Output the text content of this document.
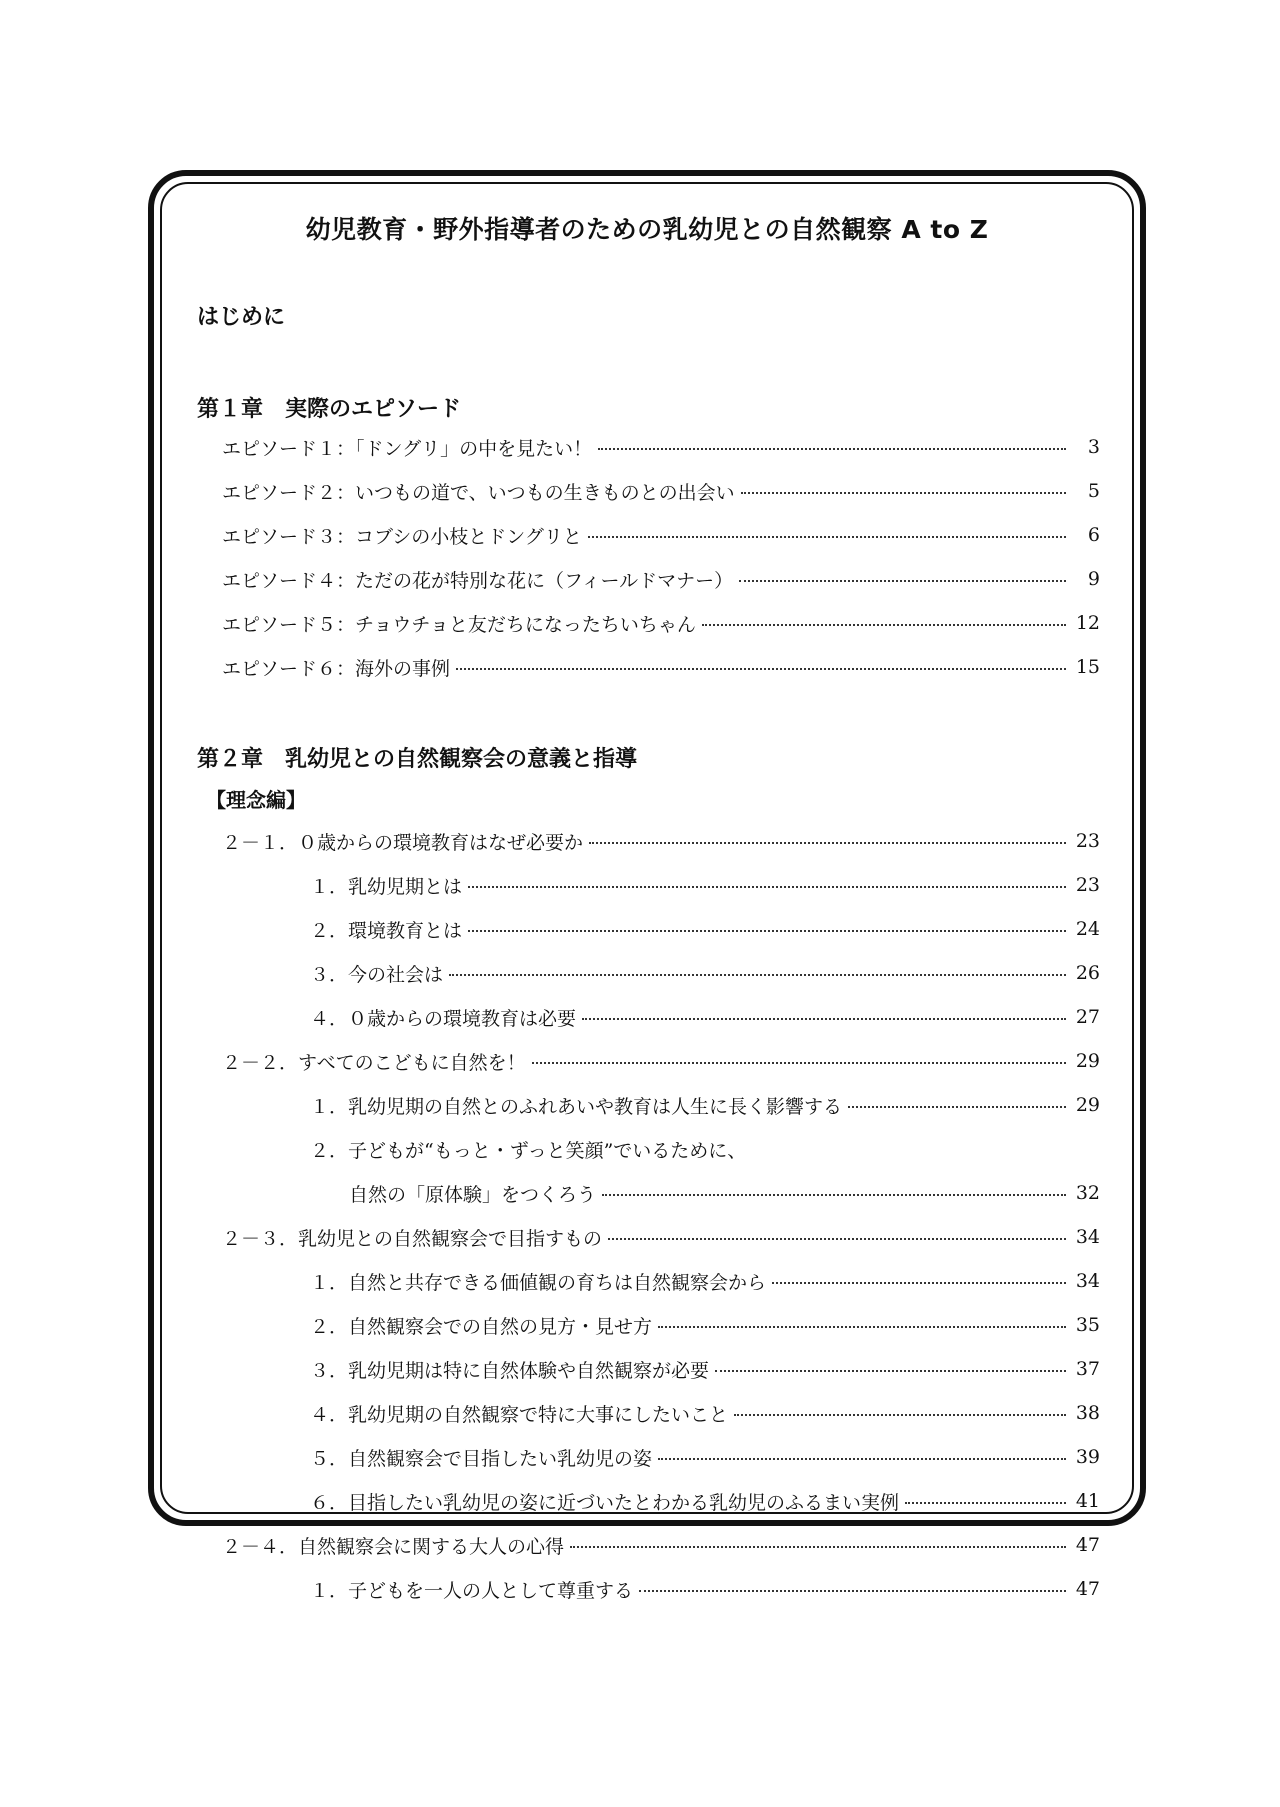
幼児教育・野外指導者のための乳幼児との自然観察 A to Z
はじめに
第１章　実際のエピソード
エピソード１：「ドングリ」の中を見たい！	3
エピソード２：いつもの道で、いつもの生きものとの出会い	5
エピソード３：コブシの小枝とドングリと	6
エピソード４：ただの花が特別な花に（フィールドマナー）	9
エピソード５：チョウチョと友だちになったちいちゃん	12
エピソード６：海外の事例	15
第２章　乳幼児との自然観察会の意義と指導
【理念編】
２－１．０歳からの環境教育はなぜ必要か	23
１．乳幼児期とは	23
２．環境教育とは	24
３．今の社会は	26
４．０歳からの環境教育は必要	27
２－２．すべてのこどもに自然を！	29
１．乳幼児期の自然とのふれあいや教育は人生に長く影響する	29
２．子どもが“もっと・ずっと笑顔”でいるために、
自然の「原体験」をつくろう	32
２－３．乳幼児との自然観察会で目指すもの	34
１．自然と共存できる価値観の育ちは自然観察会から	34
２．自然観察会での自然の見方・見せ方	35
３．乳幼児期は特に自然体験や自然観察が必要	37
４．乳幼児期の自然観察で特に大事にしたいこと	38
５．自然観察会で目指したい乳幼児の姿	39
６．目指したい乳幼児の姿に近づいたとわかる乳幼児のふるまい実例	41
２－４．自然観察会に関する大人の心得	47
１．子どもを一人の人として尊重する	47
